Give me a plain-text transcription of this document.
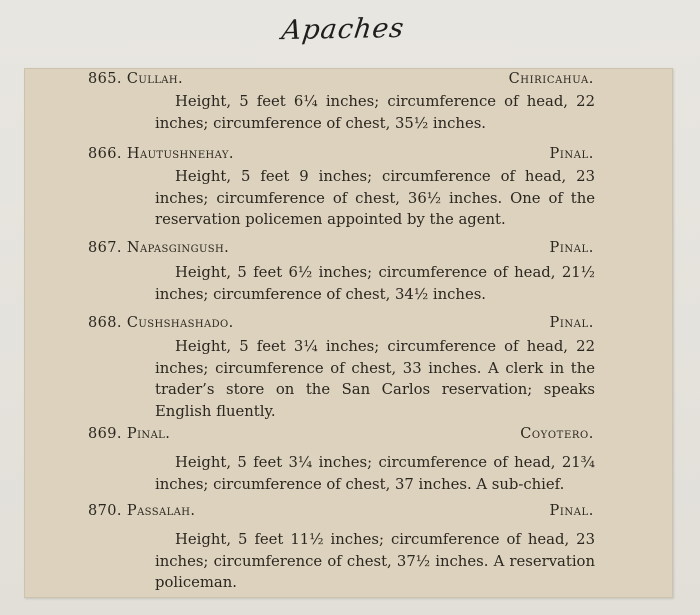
Apaches
865. Cullah.	Chiricahua.
Height, 5 feet 6¼ inches; circumference of head, 22 inches; circumference of chest, 35½ inches.
866. Hautushnehay.	Pinal.
Height, 5 feet 9 inches; circumference of head, 23 inches; circumference of chest, 36½ inches. One of the reservation policemen appointed by the agent.
867. Napasgingush.	Pinal.
Height, 5 feet 6½ inches; circumference of head, 21½ inches; circumference of chest, 34½ inches.
868. Cushshashado.	Pinal.
Height, 5 feet 3¼ inches; circumference of head, 22 inches; circumference of chest, 33 inches. A clerk in the trader’s store on the San Carlos reservation; speaks English fluently.
869. Pinal.	Coyotero.
Height, 5 feet 3¼ inches; circumference of head, 21¾ inches; circumference of chest, 37 inches. A sub-chief.
870. Passalah.	Pinal.
Height, 5 feet 11½ inches; circumference of head, 23 inches; circumference of chest, 37½ inches. A reservation policeman.
